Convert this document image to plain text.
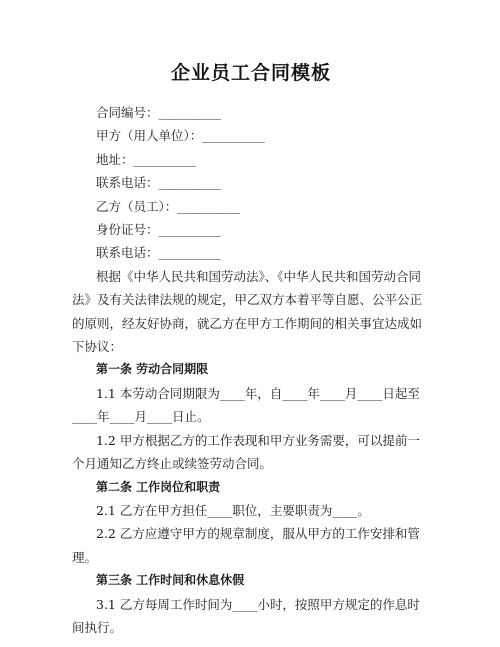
企业员工合同模板
合同编号：__________
甲方（用人单位）：__________
地址：__________
联系电话：__________
乙方（员工）：__________
身份证号：__________
联系电话：__________

根据《中华人民共和国劳动法》、《中华人民共和国劳动合同法》及有关法律法规的规定，甲乙双方本着平等自愿、公平公正的原则，经友好协商，就乙方在甲方工作期间的相关事宜达成如下协议：

第一条 劳动合同期限

1.1 本劳动合同期限为____年，自____年____月____日起至____年____月____日止。

1.2 甲方根据乙方的工作表现和甲方业务需要，可以提前一个月通知乙方终止或续签劳动合同。

第二条 工作岗位和职责

2.1 乙方在甲方担任____职位，主要职责为____。

2.2 乙方应遵守甲方的规章制度，服从甲方的工作安排和管理。

第三条 工作时间和休息休假

3.1 乙方每周工作时间为____小时，按照甲方规定的作息时间执行。
